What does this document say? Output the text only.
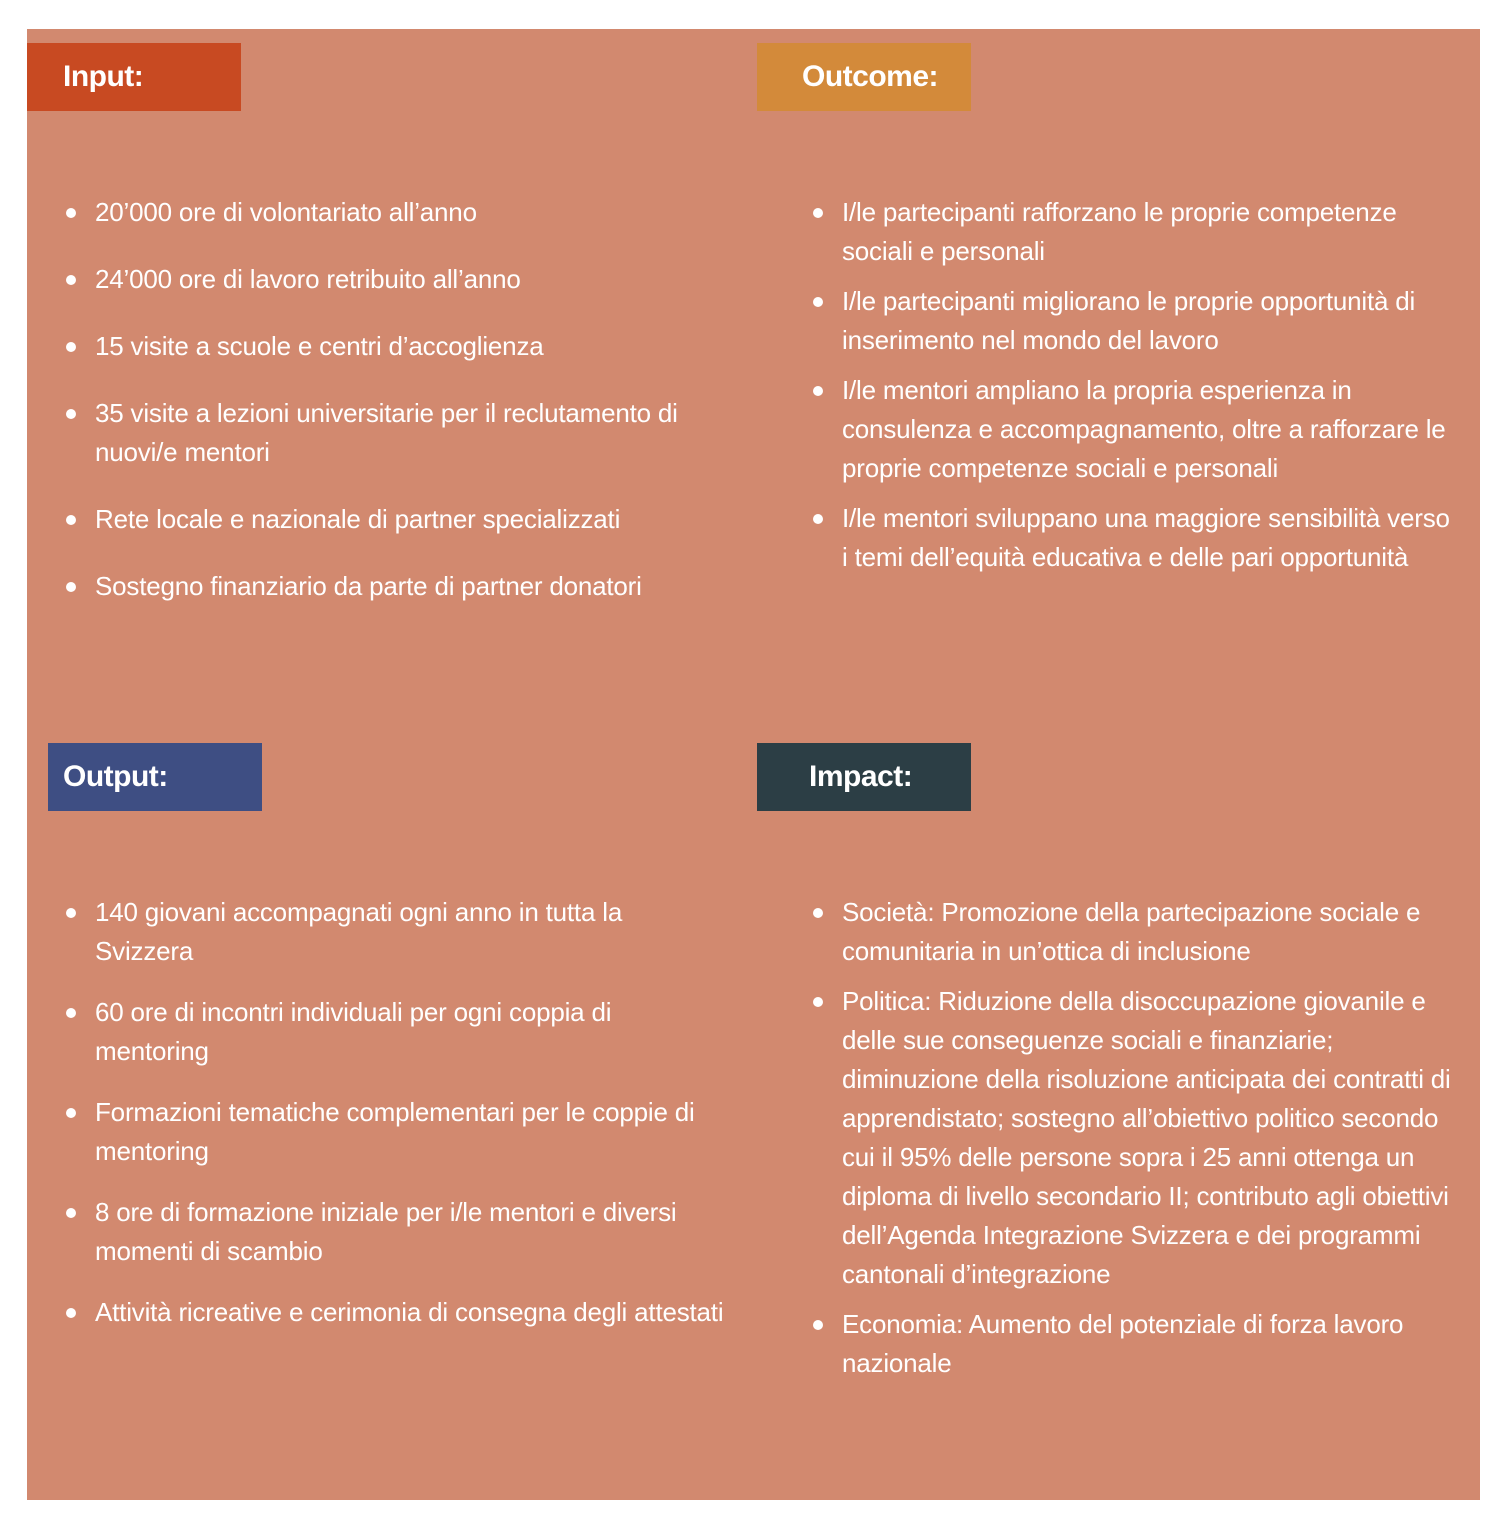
Input:
20’000 ore di volontariato all’anno
24’000 ore di lavoro retribuito all’anno
15 visite a scuole e centri d’accoglienza
35 visite a lezioni universitarie per il reclutamento di nuovi/e mentori
Rete locale e nazionale di partner specializzati
Sostegno finanziario da parte di partner donatori
Outcome:
I/le partecipanti rafforzano le proprie competenze sociali e personali
I/le partecipanti migliorano le proprie opportunità di inserimento nel mondo del lavoro
I/le mentori ampliano la propria esperienza in consulenza e accompagnamento, oltre a rafforzare le proprie competenze sociali e personali
I/le mentori sviluppano una maggiore sensibilità verso i temi dell’equità educativa e delle pari opportunità
Output:
140 giovani accompagnati ogni anno in tutta la Svizzera
60 ore di incontri individuali per ogni coppia di mentoring
Formazioni tematiche complementari per le coppie di mentoring
8 ore di formazione iniziale per i/le mentori e diversi momenti di scambio
Attività ricreative e cerimonia di consegna degli attestati
Impact:
Società: Promozione della partecipazione sociale e comunitaria in un’ottica di inclusione
Politica: Riduzione della disoccupazione giovanile e delle sue conseguenze sociali e finanziarie; diminuzione della risoluzione anticipata dei contratti di apprendistato; sostegno all’obiettivo politico secondo cui il 95% delle persone sopra i 25 anni ottenga un diploma di livello secondario II; contributo agli obiettivi dell’Agenda Integrazione Svizzera e dei programmi cantonali d’integrazione
Economia: Aumento del potenziale di forza lavoro nazionale
